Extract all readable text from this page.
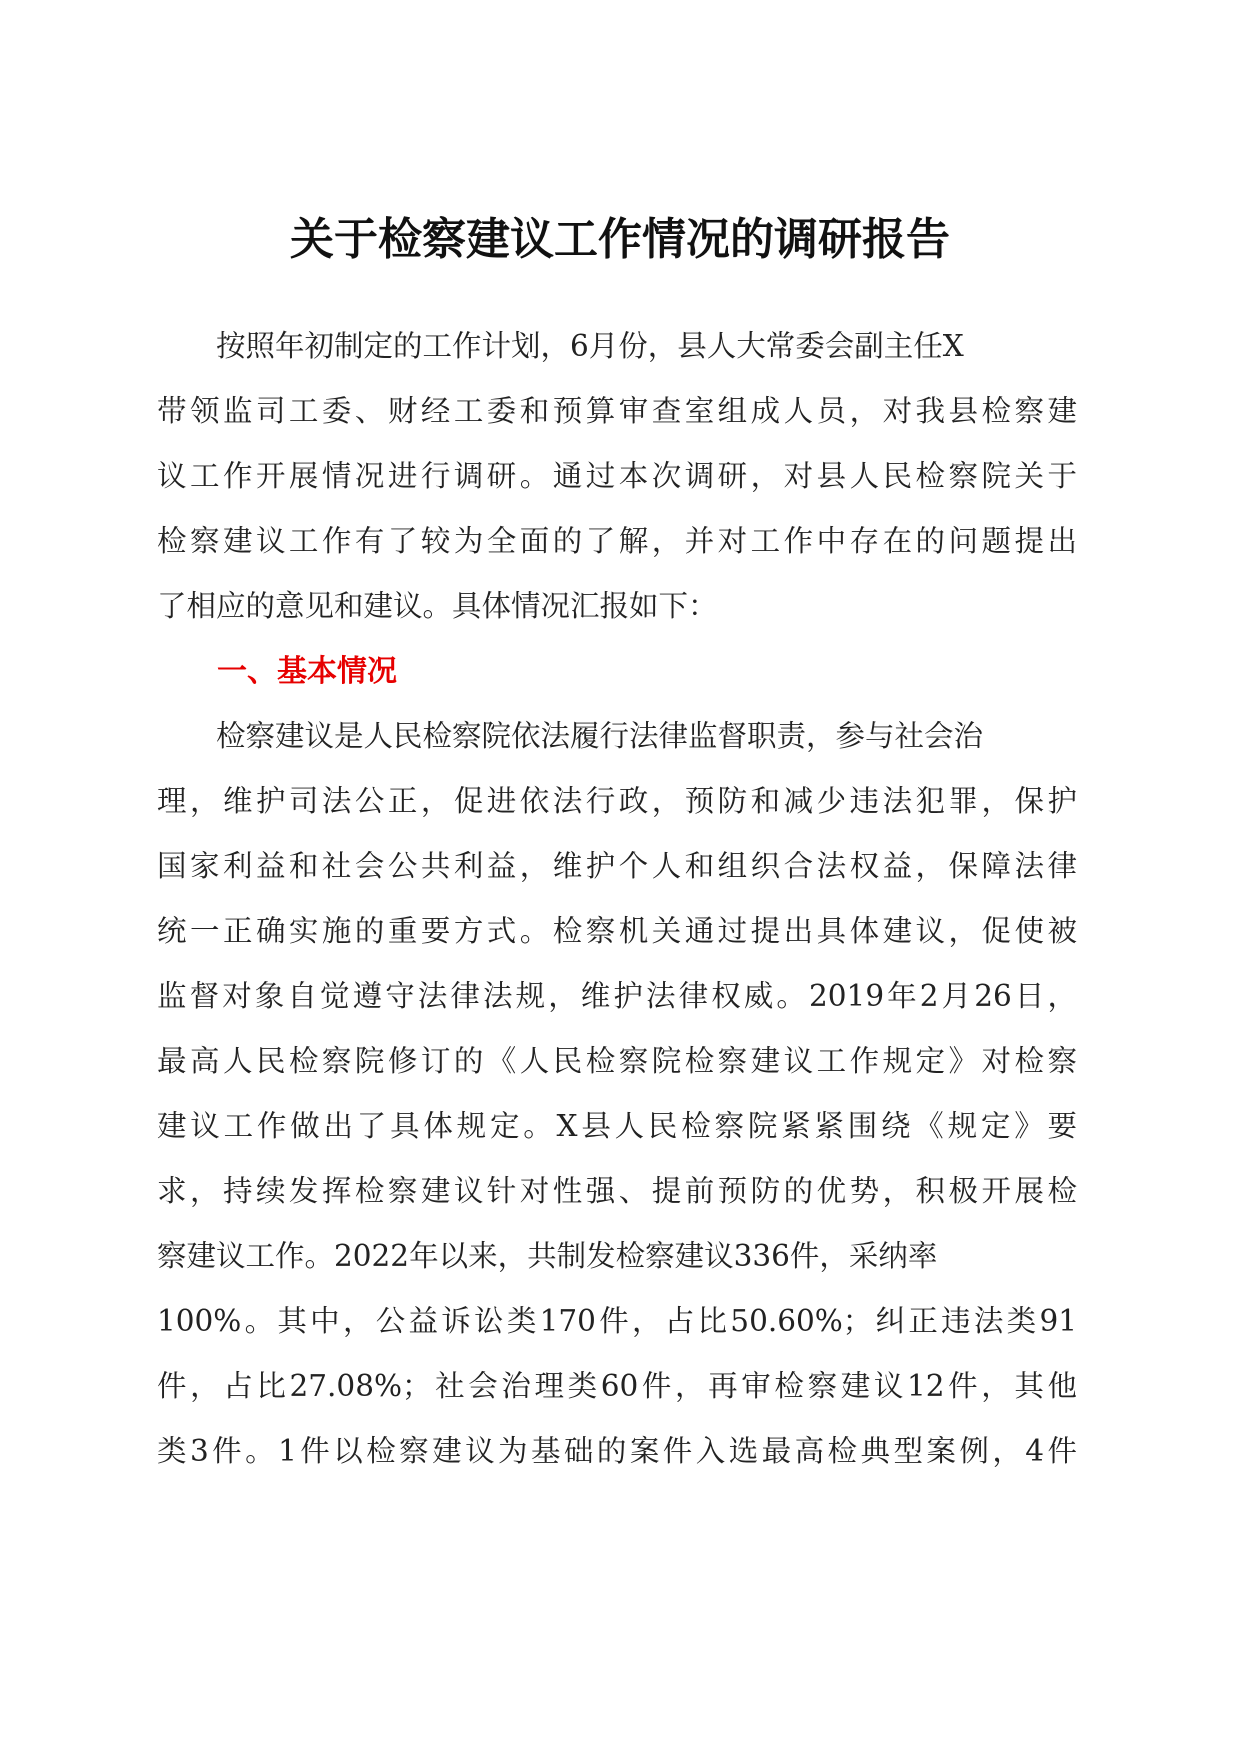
关于检察建议工作情况的调研报告
　　按照年初制定的工作计划，6月份，县人大常委会副主任X
带领监司工委、财经工委和预算审查室组成人员，对我县检察建
议工作开展情况进行调研。通过本次调研，对县人民检察院关于
检察建议工作有了较为全面的了解，并对工作中存在的问题提出
了相应的意见和建议。具体情况汇报如下：
　　一、基本情况
　　检察建议是人民检察院依法履行法律监督职责，参与社会治
理，维护司法公正，促进依法行政，预防和减少违法犯罪，保护
国家利益和社会公共利益，维护个人和组织合法权益，保障法律
统一正确实施的重要方式。检察机关通过提出具体建议，促使被
监督对象自觉遵守法律法规，维护法律权威。2019年2月26日，
最高人民检察院修订的《人民检察院检察建议工作规定》对检察
建议工作做出了具体规定。X县人民检察院紧紧围绕《规定》要
求，持续发挥检察建议针对性强、提前预防的优势，积极开展检
察建议工作。2022年以来，共制发检察建议336件，采纳率
100%。其中，公益诉讼类170件，占比50.60%；纠正违法类91
件，占比27.08%；社会治理类60件，再审检察建议12件，其他
类3件。1件以检察建议为基础的案件入选最高检典型案例，4件
